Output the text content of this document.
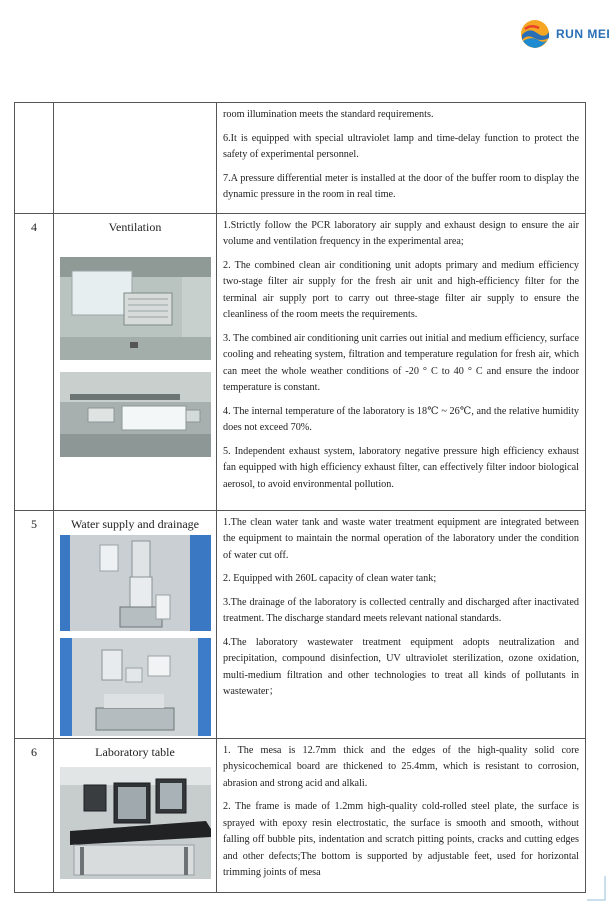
RUN MEI

		room illumination meets the standard requirements.

6.It is equipped with special ultraviolet lamp and time-delay function to protect the safety of experimental personnel.

7.A pressure differential meter is installed at the door of the buffer room to display the dynamic pressure in the room in real time.

4	Ventilation	1.Strictly follow the PCR laboratory air supply and exhaust design to ensure the air volume and ventilation frequency in the experimental area;

2. The combined clean air conditioning unit adopts primary and medium efficiency two-stage filter air supply for the fresh air unit and high-efficiency filter for the terminal air supply port to carry out three-stage filter air supply to ensure the cleanliness of the room meets the requirements.

3. The combined air conditioning unit carries out initial and medium efficiency, surface cooling and reheating system, filtration and temperature regulation for fresh air, which can meet the whole weather conditions of -20 ° C to 40 ° C and ensure the indoor temperature is constant.

4. The internal temperature of the laboratory is 18℃ ~ 26℃, and the relative humidity does not exceed 70%.

5. Independent exhaust system, laboratory negative pressure high efficiency exhaust fan equipped with high efficiency exhaust filter, can effectively filter indoor biological aerosol, to avoid environmental pollution.

5	Water supply and drainage	1.The clean water tank and waste water treatment equipment are integrated between the equipment to maintain the normal operation of the laboratory under the condition of water cut off.

2. Equipped with 260L capacity of clean water tank;

3.The drainage of the laboratory is collected centrally and discharged after inactivated treatment. The discharge standard meets relevant national standards.

4.The laboratory wastewater treatment equipment adopts neutralization and precipitation, compound disinfection, UV ultraviolet sterilization, ozone oxidation, multi-medium filtration and other technologies to treat all kinds of pollutants in wastewater；

6	Laboratory table	1. The mesa is 12.7mm thick and the edges of the high-quality solid core physicochemical board are thickened to 25.4mm, which is resistant to corrosion, abrasion and strong acid and alkali.

2. The frame is made of 1.2mm high-quality cold-rolled steel plate, the surface is sprayed with epoxy resin electrostatic, the surface is smooth and smooth, without falling off bubble pits, indentation and scratch pitting points, cracks and cutting edges and other defects;The bottom is supported by adjustable feet, used for horizontal trimming joints of mesa
